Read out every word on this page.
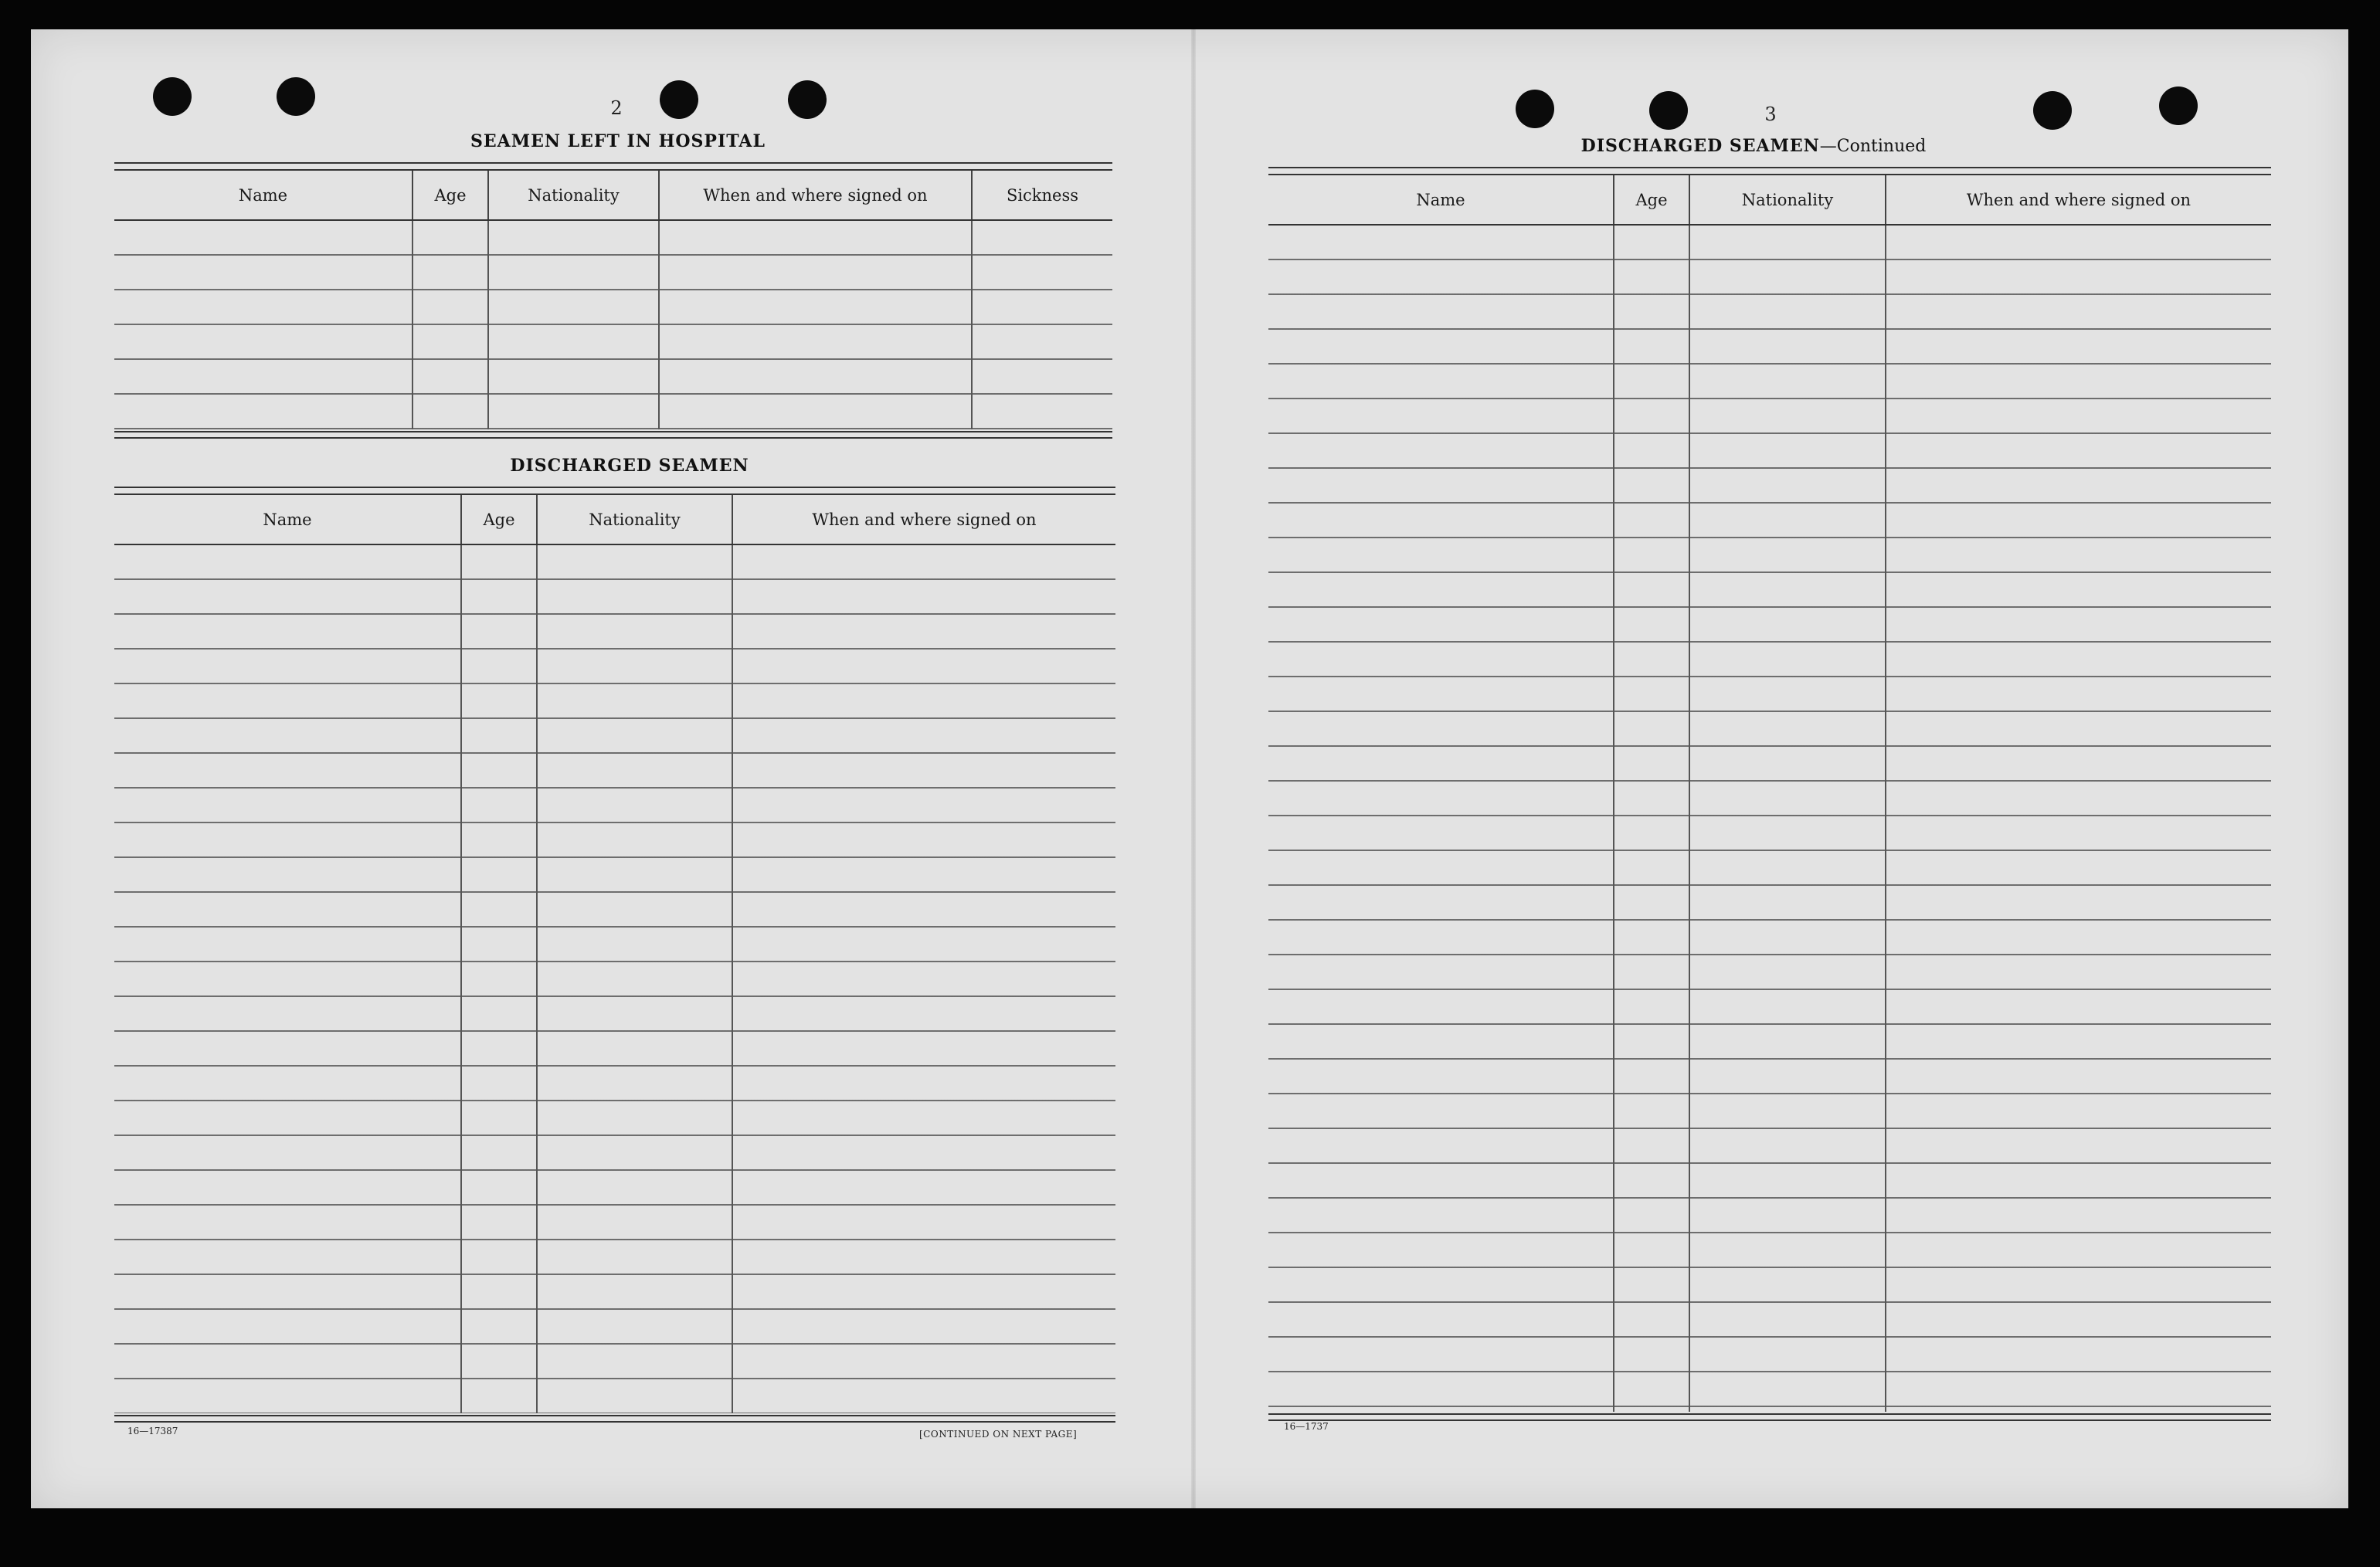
2
SEAMEN LEFT IN HOSPITAL
Name	Age	Nationality	When and where signed on	Sickness
DISCHARGED SEAMEN
Name	Age	Nationality	When and where signed on
16—17387	[CONTINUED ON NEXT PAGE]
3
DISCHARGED SEAMEN—Continued
Name	Age	Nationality	When and where signed on
16—1737
